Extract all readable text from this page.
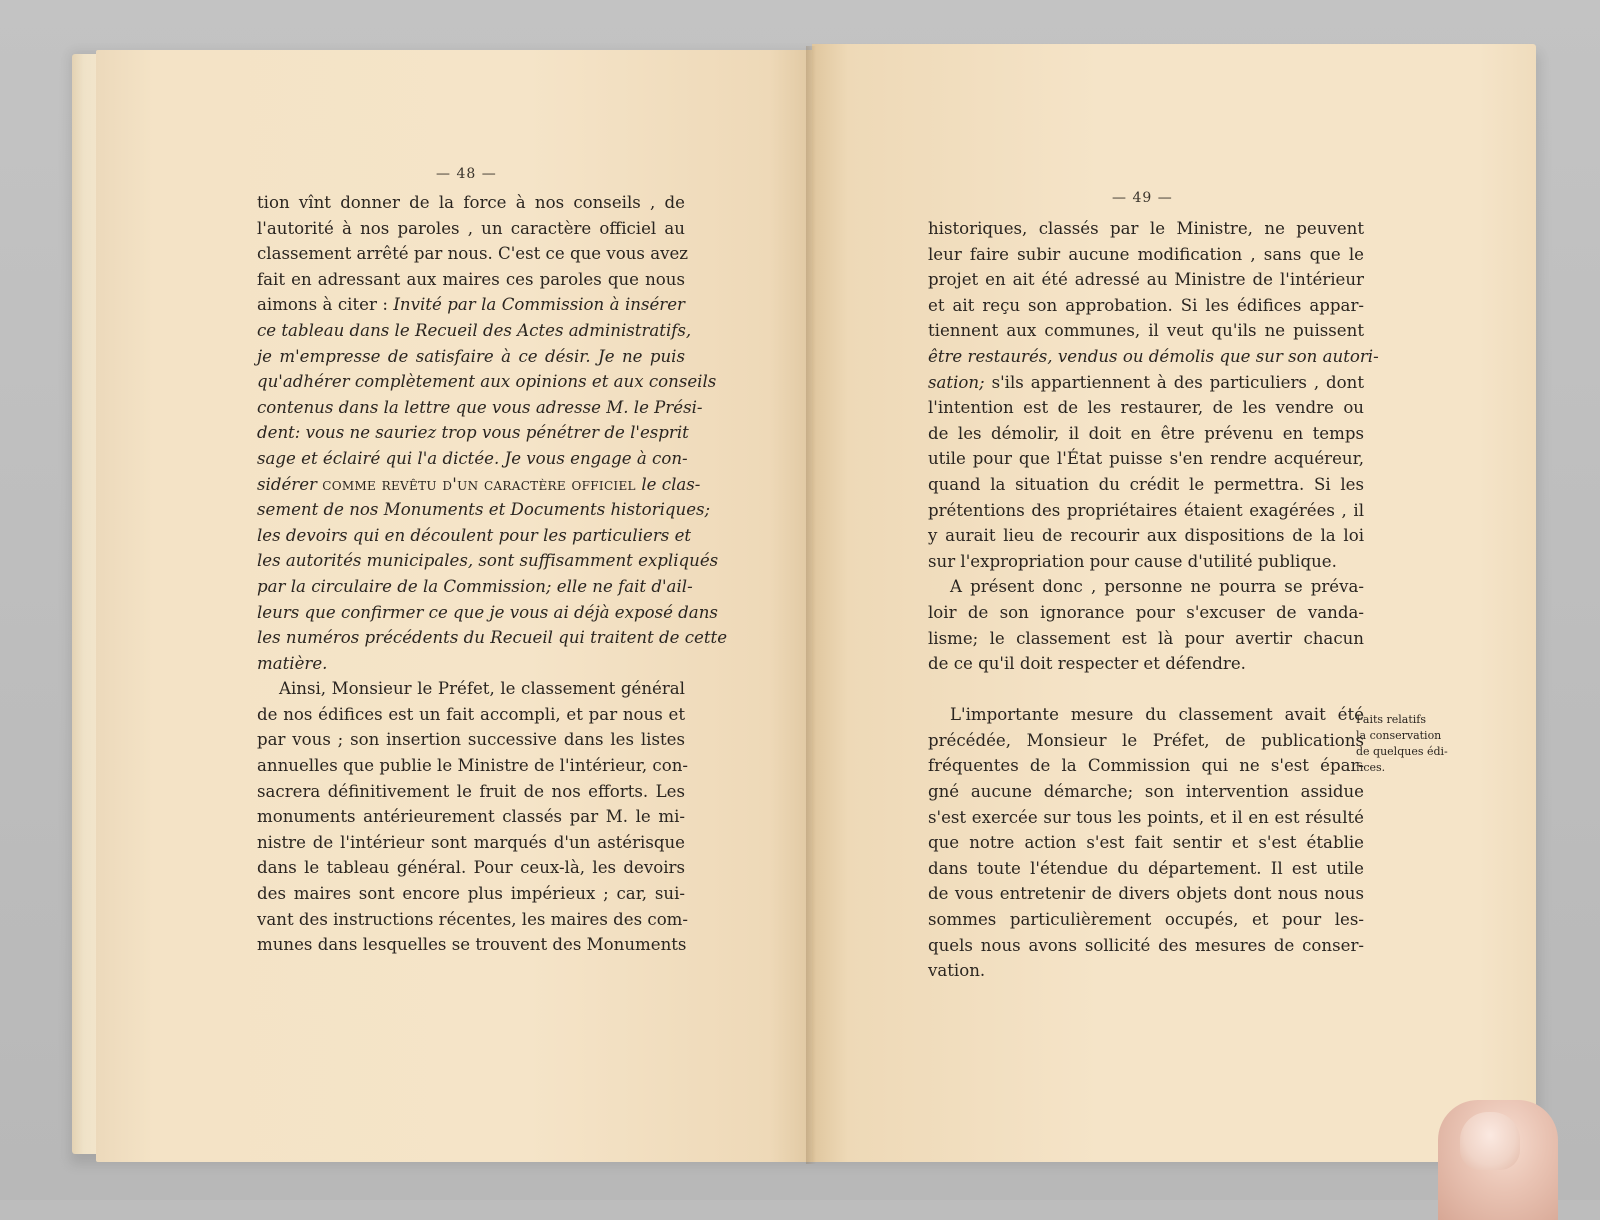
— 48 —
tion vînt donner de la force à nos conseils , de
l'autorité à nos paroles , un caractère officiel au
classement arrêté par nous. C'est ce que vous avez
fait en adressant aux maires ces paroles que nous
aimons à citer : Invité par la Commission à insérer
ce tableau dans le Recueil des Actes administratifs,
je m'empresse de satisfaire à ce désir. Je ne puis
qu'adhérer complètement aux opinions et aux conseils
contenus dans la lettre que vous adresse M. le Prési-
dent: vous ne sauriez trop vous pénétrer de l'esprit
sage et éclairé qui l'a dictée. Je vous engage à con-
sidérer comme revêtu d'un caractère officiel le clas-
sement de nos Monuments et Documents historiques;
les devoirs qui en découlent pour les particuliers et
les autorités municipales, sont suffisamment expliqués
par la circulaire de la Commission; elle ne fait d'ail-
leurs que confirmer ce que je vous ai déjà exposé dans
les numéros précédents du Recueil qui traitent de cette
matière.
Ainsi, Monsieur le Préfet, le classement général
de nos édifices est un fait accompli, et par nous et
par vous ; son insertion successive dans les listes
annuelles que publie le Ministre de l'intérieur, con-
sacrera définitivement le fruit de nos efforts. Les
monuments antérieurement classés par M. le mi-
nistre de l'intérieur sont marqués d'un astérisque
dans le tableau général. Pour ceux-là, les devoirs
des maires sont encore plus impérieux ; car, sui-
vant des instructions récentes, les maires des com-
munes dans lesquelles se trouvent des Monuments
— 49 —
historiques, classés par le Ministre, ne peuvent
leur faire subir aucune modification , sans que le
projet en ait été adressé au Ministre de l'intérieur
et ait reçu son approbation. Si les édifices appar-
tiennent aux communes, il veut qu'ils ne puissent
être restaurés, vendus ou démolis que sur son autori-
sation; s'ils appartiennent à des particuliers , dont
l'intention est de les restaurer, de les vendre ou
de les démolir, il doit en être prévenu en temps
utile pour que l'État puisse s'en rendre acquéreur,
quand la situation du crédit le permettra. Si les
prétentions des propriétaires étaient exagérées , il
y aurait lieu de recourir aux dispositions de la loi
sur l'expropriation pour cause d'utilité publique.
A présent donc , personne ne pourra se préva-
loir de son ignorance pour s'excuser de vanda-
lisme; le classement est là pour avertir chacun
de ce qu'il doit respecter et défendre.

L'importante mesure du classement avait été
précédée, Monsieur le Préfet, de publications
fréquentes de la Commission qui ne s'est épar-
gné aucune démarche; son intervention assidue
s'est exercée sur tous les points, et il en est résulté
que notre action s'est fait sentir et s'est établie
dans toute l'étendue du département. Il est utile
de vous entretenir de divers objets dont nous nous
sommes particulièrement occupés, et pour les-
quels nous avons sollicité des mesures de conser-
vation.
Faits relatifs
la conservation
de quelques édi-
fices.
